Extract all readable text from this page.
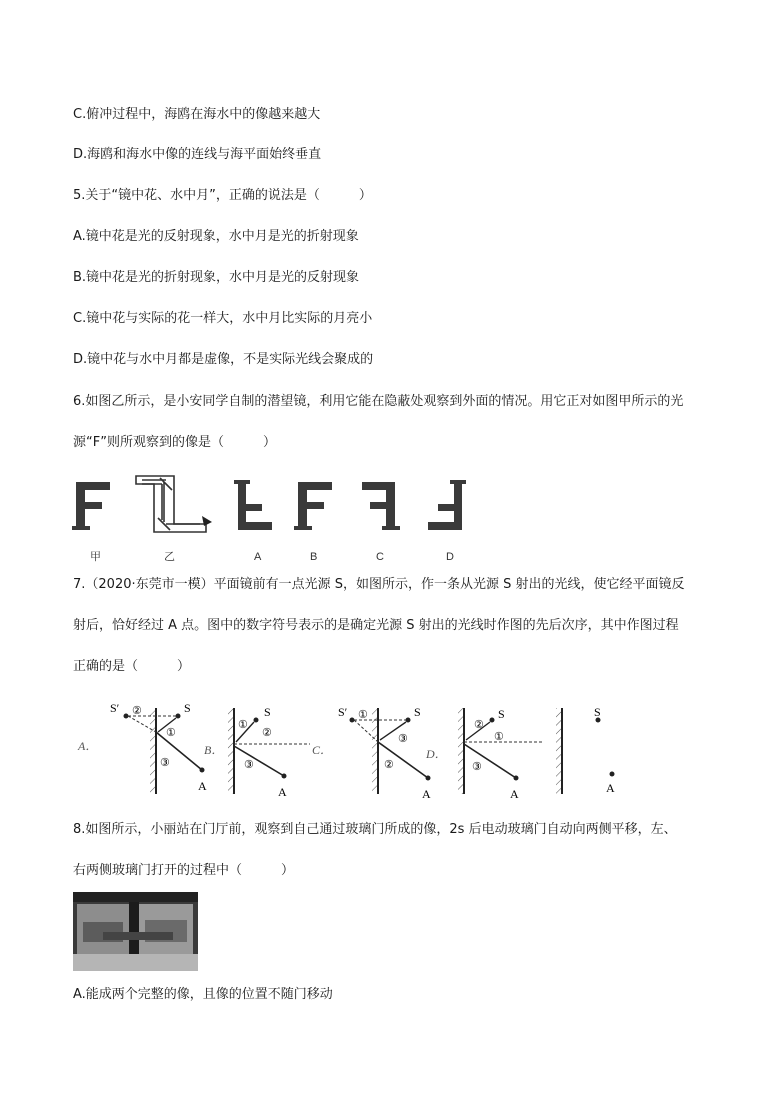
C.俯冲过程中，海鸥在海水中的像越来越大
D.海鸥和海水中像的连线与海平面始终垂直
5.关于“镜中花、水中月”，正确的说法是（　　　）
A.镜中花是光的反射现象，水中月是光的折射现象
B.镜中花是光的折射现象，水中月是光的反射现象
C.镜中花与实际的花一样大，水中月比实际的月亮小
D.镜中花与水中月都是虚像，不是实际光线会聚成的
6.如图乙所示，是小安同学自制的潜望镜，利用它能在隐蔽处观察到外面的情况。用它正对如图甲所示的光
源“F”则所观察到的像是（　　　）
甲	乙	A	B	C	D
7.（2020·东莞市一模）平面镜前有一点光源 S，如图所示，作一条从光源 S 射出的光线，使它经平面镜反
射后，恰好经过 A 点。图中的数字符号表示的是确定光源 S 射出的光线时作图的先后次序，其中作图过程
正确的是（　　　）
A．
S′	S
A
②
①
③
B．
S
A
①
②
③
C．
S′	S
A
①
③
②
D．
S
A
②
①
③
S
A
8.如图所示，小丽站在门厅前，观察到自己通过玻璃门所成的像，2s 后电动玻璃门自动向两侧平移，左、
右两侧玻璃门打开的过程中（　　　）
A.能成两个完整的像，且像的位置不随门移动
